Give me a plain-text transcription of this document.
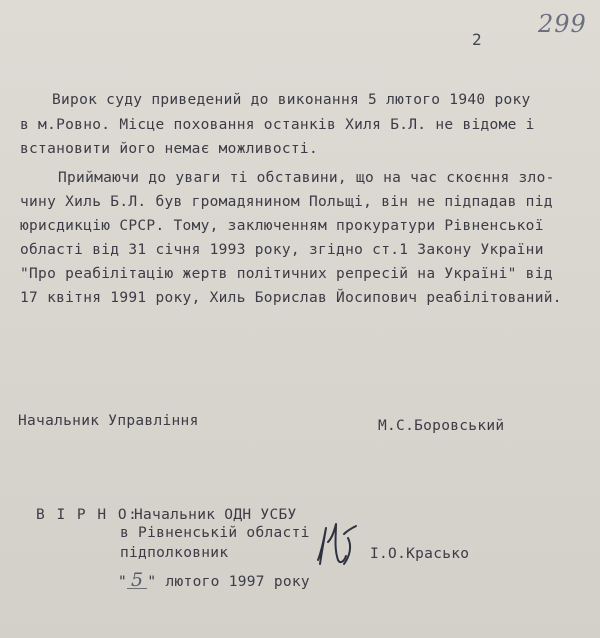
2
299
Вирок суду приведений до виконання 5 лютого 1940 року
в м.Ровно. Місце поховання останків Хиля Б.Л. не відоме і
встановити його немає можливості.
Приймаючи до уваги ті обставини, що на час скоєння зло-
чину Хиль Б.Л. був громадянином Польщі, він не підпадав під
юрисдикцію СРСР. Тому, заключенням прокуратури Рівненської
області від 31 січня 1993 року, згідно ст.1 Закону України
"Про реабілітацію жертв політичних репресій на Україні" від
17 квітня 1991 року, Хиль Борислав Йосипович реабілітований.
Начальник Управління	М.С.Боровський
В І Р Н О:
Начальник ОДН УСБУ
в Рівненській області
підполковник	І.О.Красько
" 5 " лютого 1997 року
